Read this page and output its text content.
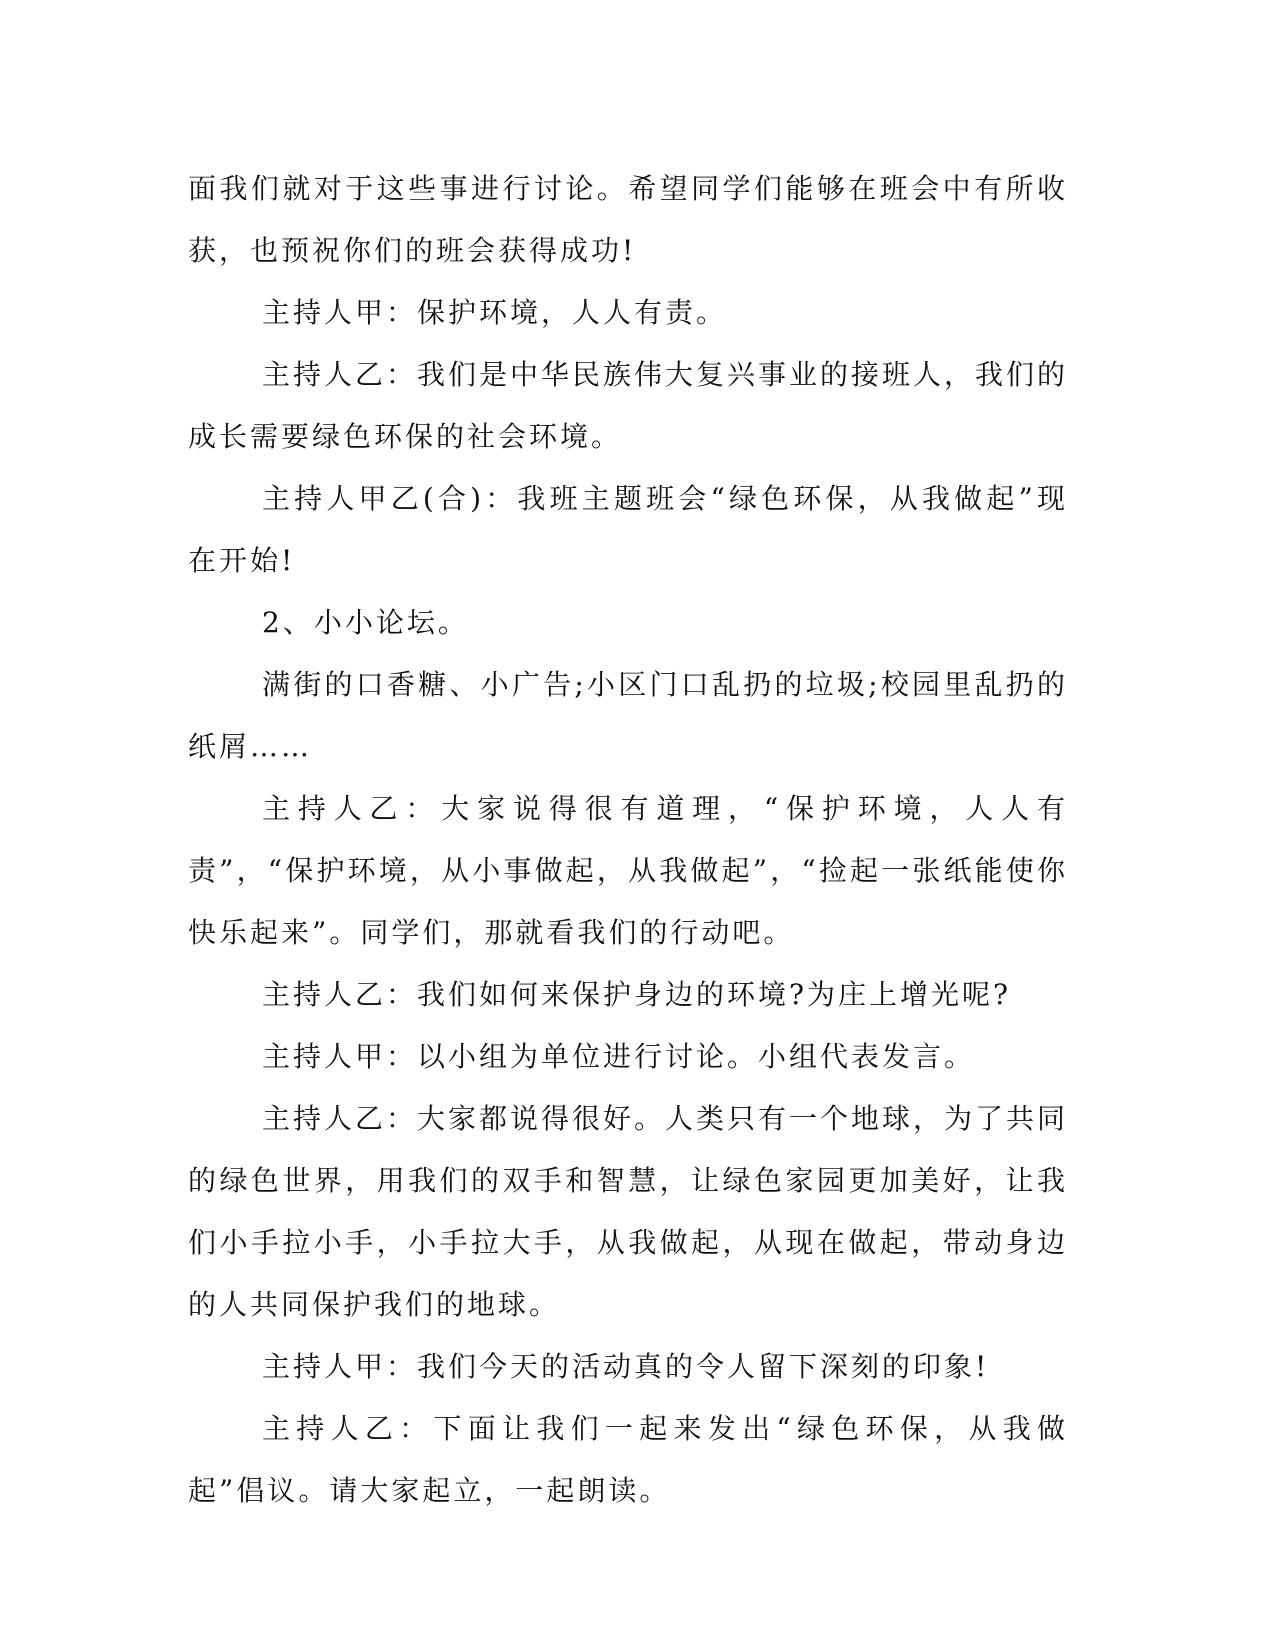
面我们就对于这些事进行讨论。希望同学们能够在班会中有所收获，也预祝你们的班会获得成功!

主持人甲：保护环境，人人有责。

主持人乙：我们是中华民族伟大复兴事业的接班人，我们的成长需要绿色环保的社会环境。

主持人甲乙(合)：我班主题班会“绿色环保，从我做起”现在开始!

2、小小论坛。

满街的口香糖、小广告;小区门口乱扔的垃圾;校园里乱扔的纸屑……

主持人乙：大家说得很有道理，“保护环境，人人有责”，“保护环境，从小事做起，从我做起”，“捡起一张纸能使你快乐起来”。同学们，那就看我们的行动吧。

主持人乙：我们如何来保护身边的环境?为庄上增光呢?

主持人甲：以小组为单位进行讨论。小组代表发言。

主持人乙：大家都说得很好。人类只有一个地球，为了共同的绿色世界，用我们的双手和智慧，让绿色家园更加美好，让我们小手拉小手，小手拉大手，从我做起，从现在做起，带动身边的人共同保护我们的地球。

主持人甲：我们今天的活动真的令人留下深刻的印象!

主持人乙：下面让我们一起来发出“绿色环保，从我做起”倡议。请大家起立，一起朗读。
